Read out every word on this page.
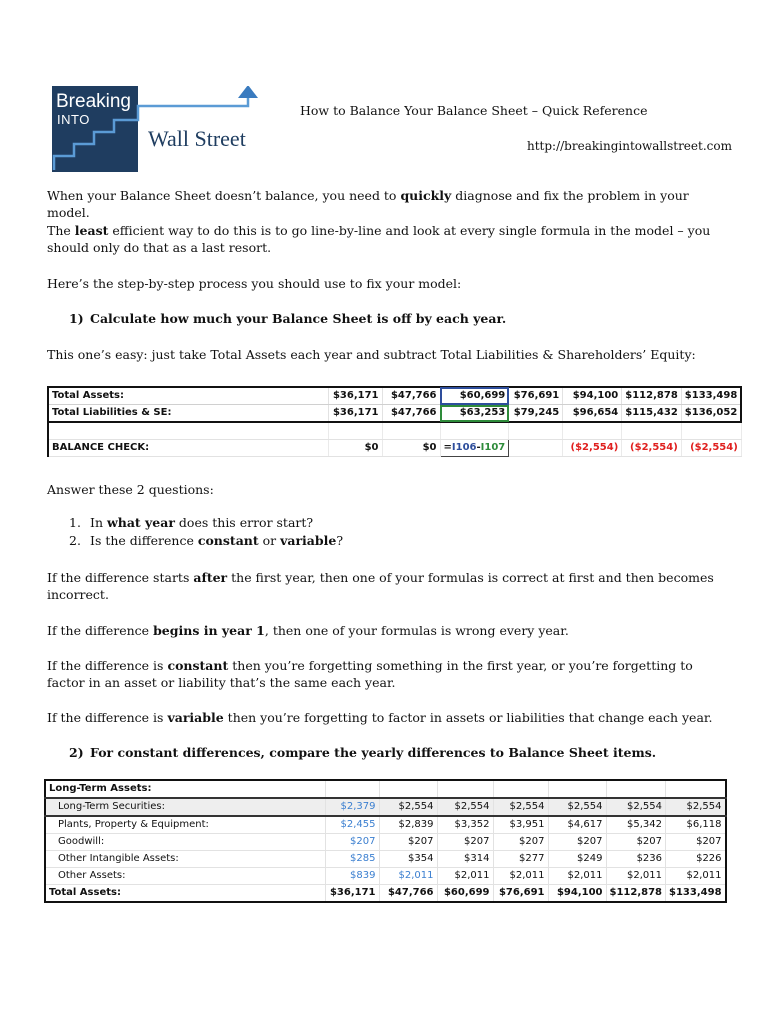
Breaking
INTO
Wall Street
How to Balance Your Balance Sheet – Quick Reference
http://breakingintowallstreet.com

When your Balance Sheet doesn’t balance, you need to quickly diagnose and fix the problem in your model.

The least efficient way to do this is to go line-by-line and look at every single formula in the model – you should only do that as a last resort.

Here’s the step-by-step process you should use to fix your model:

1) Calculate how much your Balance Sheet is off by each year.

This one’s easy: just take Total Assets each year and subtract Total Liabilities & Shareholders’ Equity:

Total Assets:	$36,171	$47,766	$60,699	$76,691	$94,100	$112,878	$133,498
Total Liabilities & SE:	$36,171	$47,766	$63,253	$79,245	$96,654	$115,432	$136,052

BALANCE CHECK:	$0	$0	=I106-I107		($2,554)	($2,554)	($2,554)

Answer these 2 questions:

1. In what year does this error start?
2. Is the difference constant or variable?

If the difference starts after the first year, then one of your formulas is correct at first and then becomes incorrect.

If the difference begins in year 1, then one of your formulas is wrong every year.

If the difference is constant then you’re forgetting something in the first year, or you’re forgetting to factor in an asset or liability that’s the same each year.

If the difference is variable then you’re forgetting to factor in assets or liabilities that change each year.

2) For constant differences, compare the yearly differences to Balance Sheet items.
Long-Term Assets:							
Long-Term Securities:	$2,379	$2,554	$2,554	$2,554	$2,554	$2,554	$2,554
Plants, Property & Equipment:	$2,455	$2,839	$3,352	$3,951	$4,617	$5,342	$6,118
Goodwill:	$207	$207	$207	$207	$207	$207	$207
Other Intangible Assets:	$285	$354	$314	$277	$249	$236	$226
Other Assets:	$839	$2,011	$2,011	$2,011	$2,011	$2,011	$2,011
Total Assets:	$36,171	$47,766	$60,699	$76,691	$94,100	$112,878	$133,498
